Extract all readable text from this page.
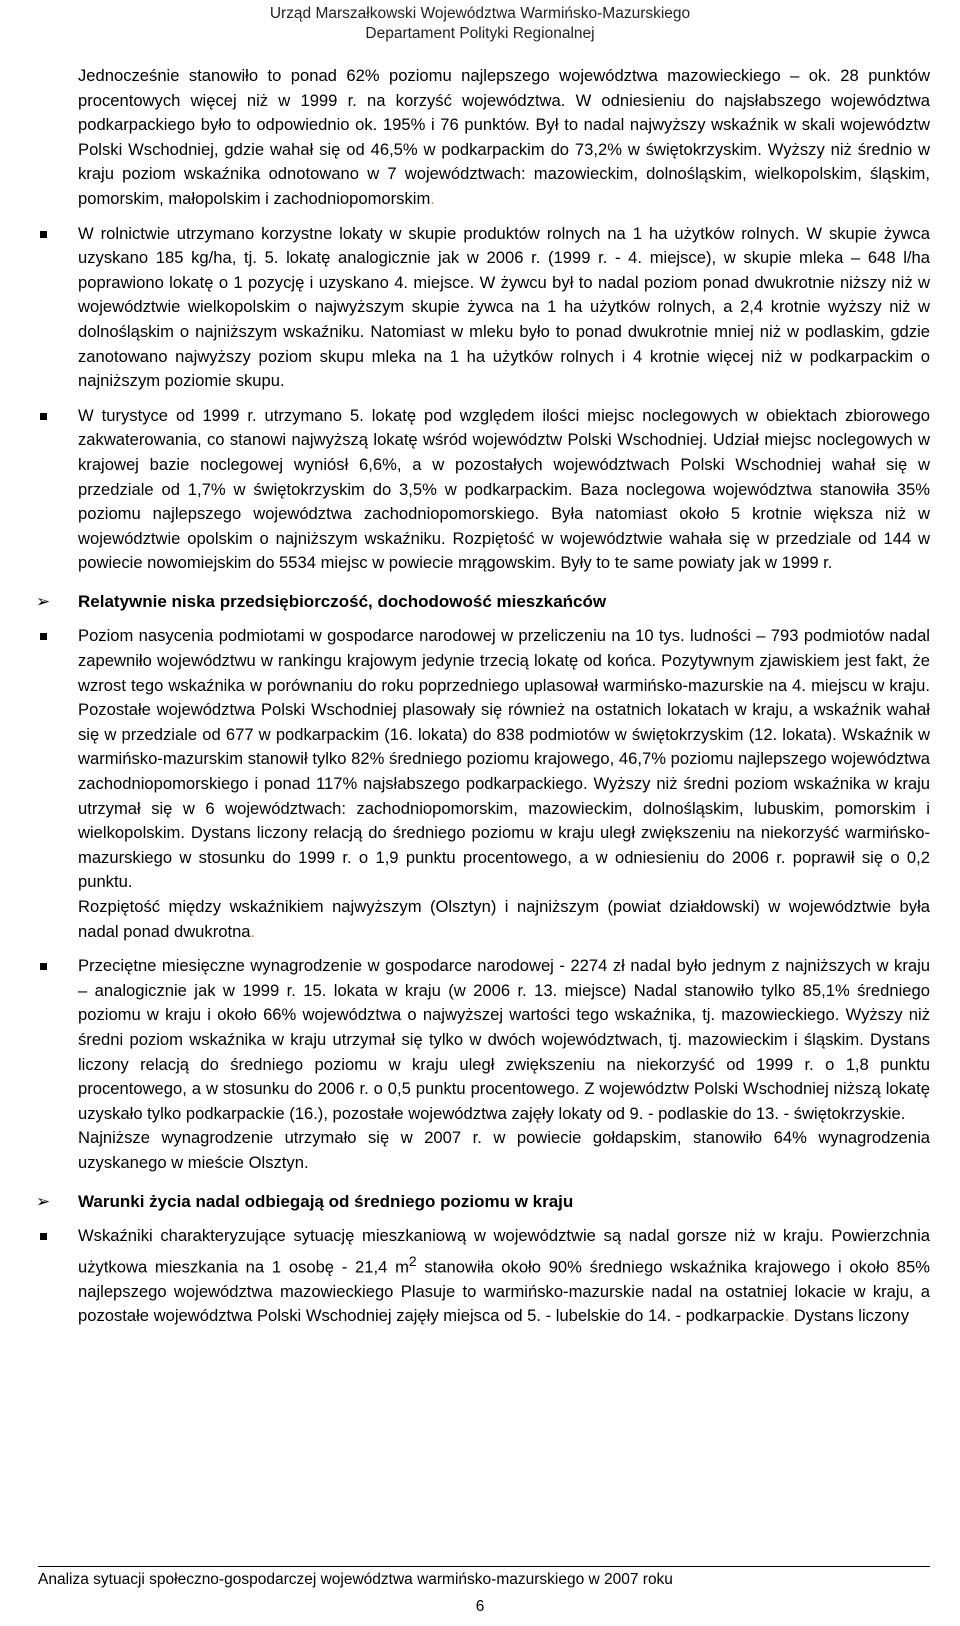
Urząd Marszałkowski Województwa Warmińsko-Mazurskiego
Departament Polityki Regionalnej
Jednocześnie stanowiło to ponad 62% poziomu najlepszego województwa mazowieckiego – ok. 28 punktów procentowych więcej niż w 1999 r. na korzyść województwa. W odniesieniu do najsłabszego województwa podkarpackiego było to odpowiednio ok. 195% i 76 punktów. Był to nadal najwyższy wskaźnik w skali województw Polski Wschodniej, gdzie wahał się od 46,5% w podkarpackim do 73,2% w świętokrzyskim. Wyższy niż średnio w kraju poziom wskaźnika odnotowano w 7 województwach: mazowieckim, dolnośląskim, wielkopolskim, śląskim, pomorskim, małopolskim i zachodniopomorskim.
W rolnictwie utrzymano korzystne lokaty w skupie produktów rolnych na 1 ha użytków rolnych. W skupie żywca uzyskano 185 kg/ha, tj. 5. lokatę analogicznie jak w 2006 r. (1999 r. - 4. miejsce), w skupie mleka – 648 l/ha poprawiono lokatę o 1 pozycję i uzyskano 4. miejsce. W żywcu był to nadal poziom ponad dwukrotnie niższy niż w województwie wielkopolskim o najwyższym skupie żywca na 1 ha użytków rolnych, a 2,4 krotnie wyższy niż w dolnośląskim o najniższym wskaźniku. Natomiast w mleku było to ponad dwukrotnie mniej niż w podlaskim, gdzie zanotowano najwyższy poziom skupu mleka na 1 ha użytków rolnych i 4 krotnie więcej niż w podkarpackim o najniższym poziomie skupu.
W turystyce od 1999 r. utrzymano 5. lokatę pod względem ilości miejsc noclegowych w obiektach zbiorowego zakwaterowania, co stanowi najwyższą lokatę wśród województw Polski Wschodniej. Udział miejsc noclegowych w krajowej bazie noclegowej wyniósł 6,6%, a w pozostałych województwach Polski Wschodniej wahał się w przedziale od 1,7% w świętokrzyskim do 3,5% w podkarpackim. Baza noclegowa województwa stanowiła 35% poziomu najlepszego województwa zachodniopomorskiego. Była natomiast około 5 krotnie większa niż w województwie opolskim o najniższym wskaźniku. Rozpiętość w województwie wahała się w przedziale od 144 w powiecie nowomiejskim do 5534 miejsc w powiecie mrągowskim. Były to te same powiaty jak w 1999 r.
➢ Relatywnie niska przedsiębiorczość, dochodowość mieszkańców
Poziom nasycenia podmiotami w gospodarce narodowej w przeliczeniu na 10 tys. ludności – 793 podmiotów nadal zapewniło województwu w rankingu krajowym jedynie trzecią lokatę od końca. Pozytywnym zjawiskiem jest fakt, że wzrost tego wskaźnika w porównaniu do roku poprzedniego uplasował warmińsko-mazurskie na 4. miejscu w kraju. Pozostałe województwa Polski Wschodniej plasowały się również na ostatnich lokatach w kraju, a wskaźnik wahał się w przedziale od 677 w podkarpackim (16. lokata) do 838 podmiotów w świętokrzyskim (12. lokata). Wskaźnik w warmińsko-mazurskim stanowił tylko 82% średniego poziomu krajowego, 46,7% poziomu najlepszego województwa zachodniopomorskiego i ponad 117% najsłabszego podkarpackiego. Wyższy niż średni poziom wskaźnika w kraju utrzymał się w 6 województwach: zachodniopomorskim, mazowieckim, dolnośląskim, lubuskim, pomorskim i wielkopolskim. Dystans liczony relacją do średniego poziomu w kraju uległ zwiększeniu na niekorzyść warmińsko-mazurskiego w stosunku do 1999 r. o 1,9 punktu procentowego, a w odniesieniu do 2006 r. poprawił się o 0,2 punktu.
Rozpiętość między wskaźnikiem najwyższym (Olsztyn) i najniższym (powiat działdowski) w województwie była nadal ponad dwukrotna.
Przeciętne miesięczne wynagrodzenie w gospodarce narodowej - 2274 zł nadal było jednym z najniższych w kraju – analogicznie jak w 1999 r. 15. lokata w kraju (w 2006 r. 13. miejsce) Nadal stanowiło tylko 85,1% średniego poziomu w kraju i około 66% województwa o najwyższej wartości tego wskaźnika, tj. mazowieckiego. Wyższy niż średni poziom wskaźnika w kraju utrzymał się tylko w dwóch województwach, tj. mazowieckim i śląskim. Dystans liczony relacją do średniego poziomu w kraju uległ zwiększeniu na niekorzyść od 1999 r. o 1,8 punktu procentowego, a w stosunku do 2006 r. o 0,5 punktu procentowego. Z województw Polski Wschodniej niższą lokatę uzyskało tylko podkarpackie (16.), pozostałe województwa zajęły lokaty od 9. - podlaskie do 13. - świętokrzyskie.
Najniższe wynagrodzenie utrzymało się w 2007 r. w powiecie gołdapskim, stanowiło 64% wynagrodzenia uzyskanego w mieście Olsztyn.
➢ Warunki życia nadal odbiegają od średniego poziomu w kraju
Wskaźniki charakteryzujące sytuację mieszkaniową w województwie są nadal gorsze niż w kraju. Powierzchnia użytkowa mieszkania na 1 osobę - 21,4 $m^2$ stanowiła około 90% średniego wskaźnika krajowego i około 85% najlepszego województwa mazowieckiego Plasuje to warmińsko-mazurskie nadal na ostatniej lokacie w kraju, a pozostałe województwa Polski Wschodniej zajęły miejsca od 5. - lubelskie do 14. - podkarpackie. Dystans liczony
Analiza sytuacji społeczno-gospodarczej województwa warmińsko-mazurskiego w 2007 roku
6
